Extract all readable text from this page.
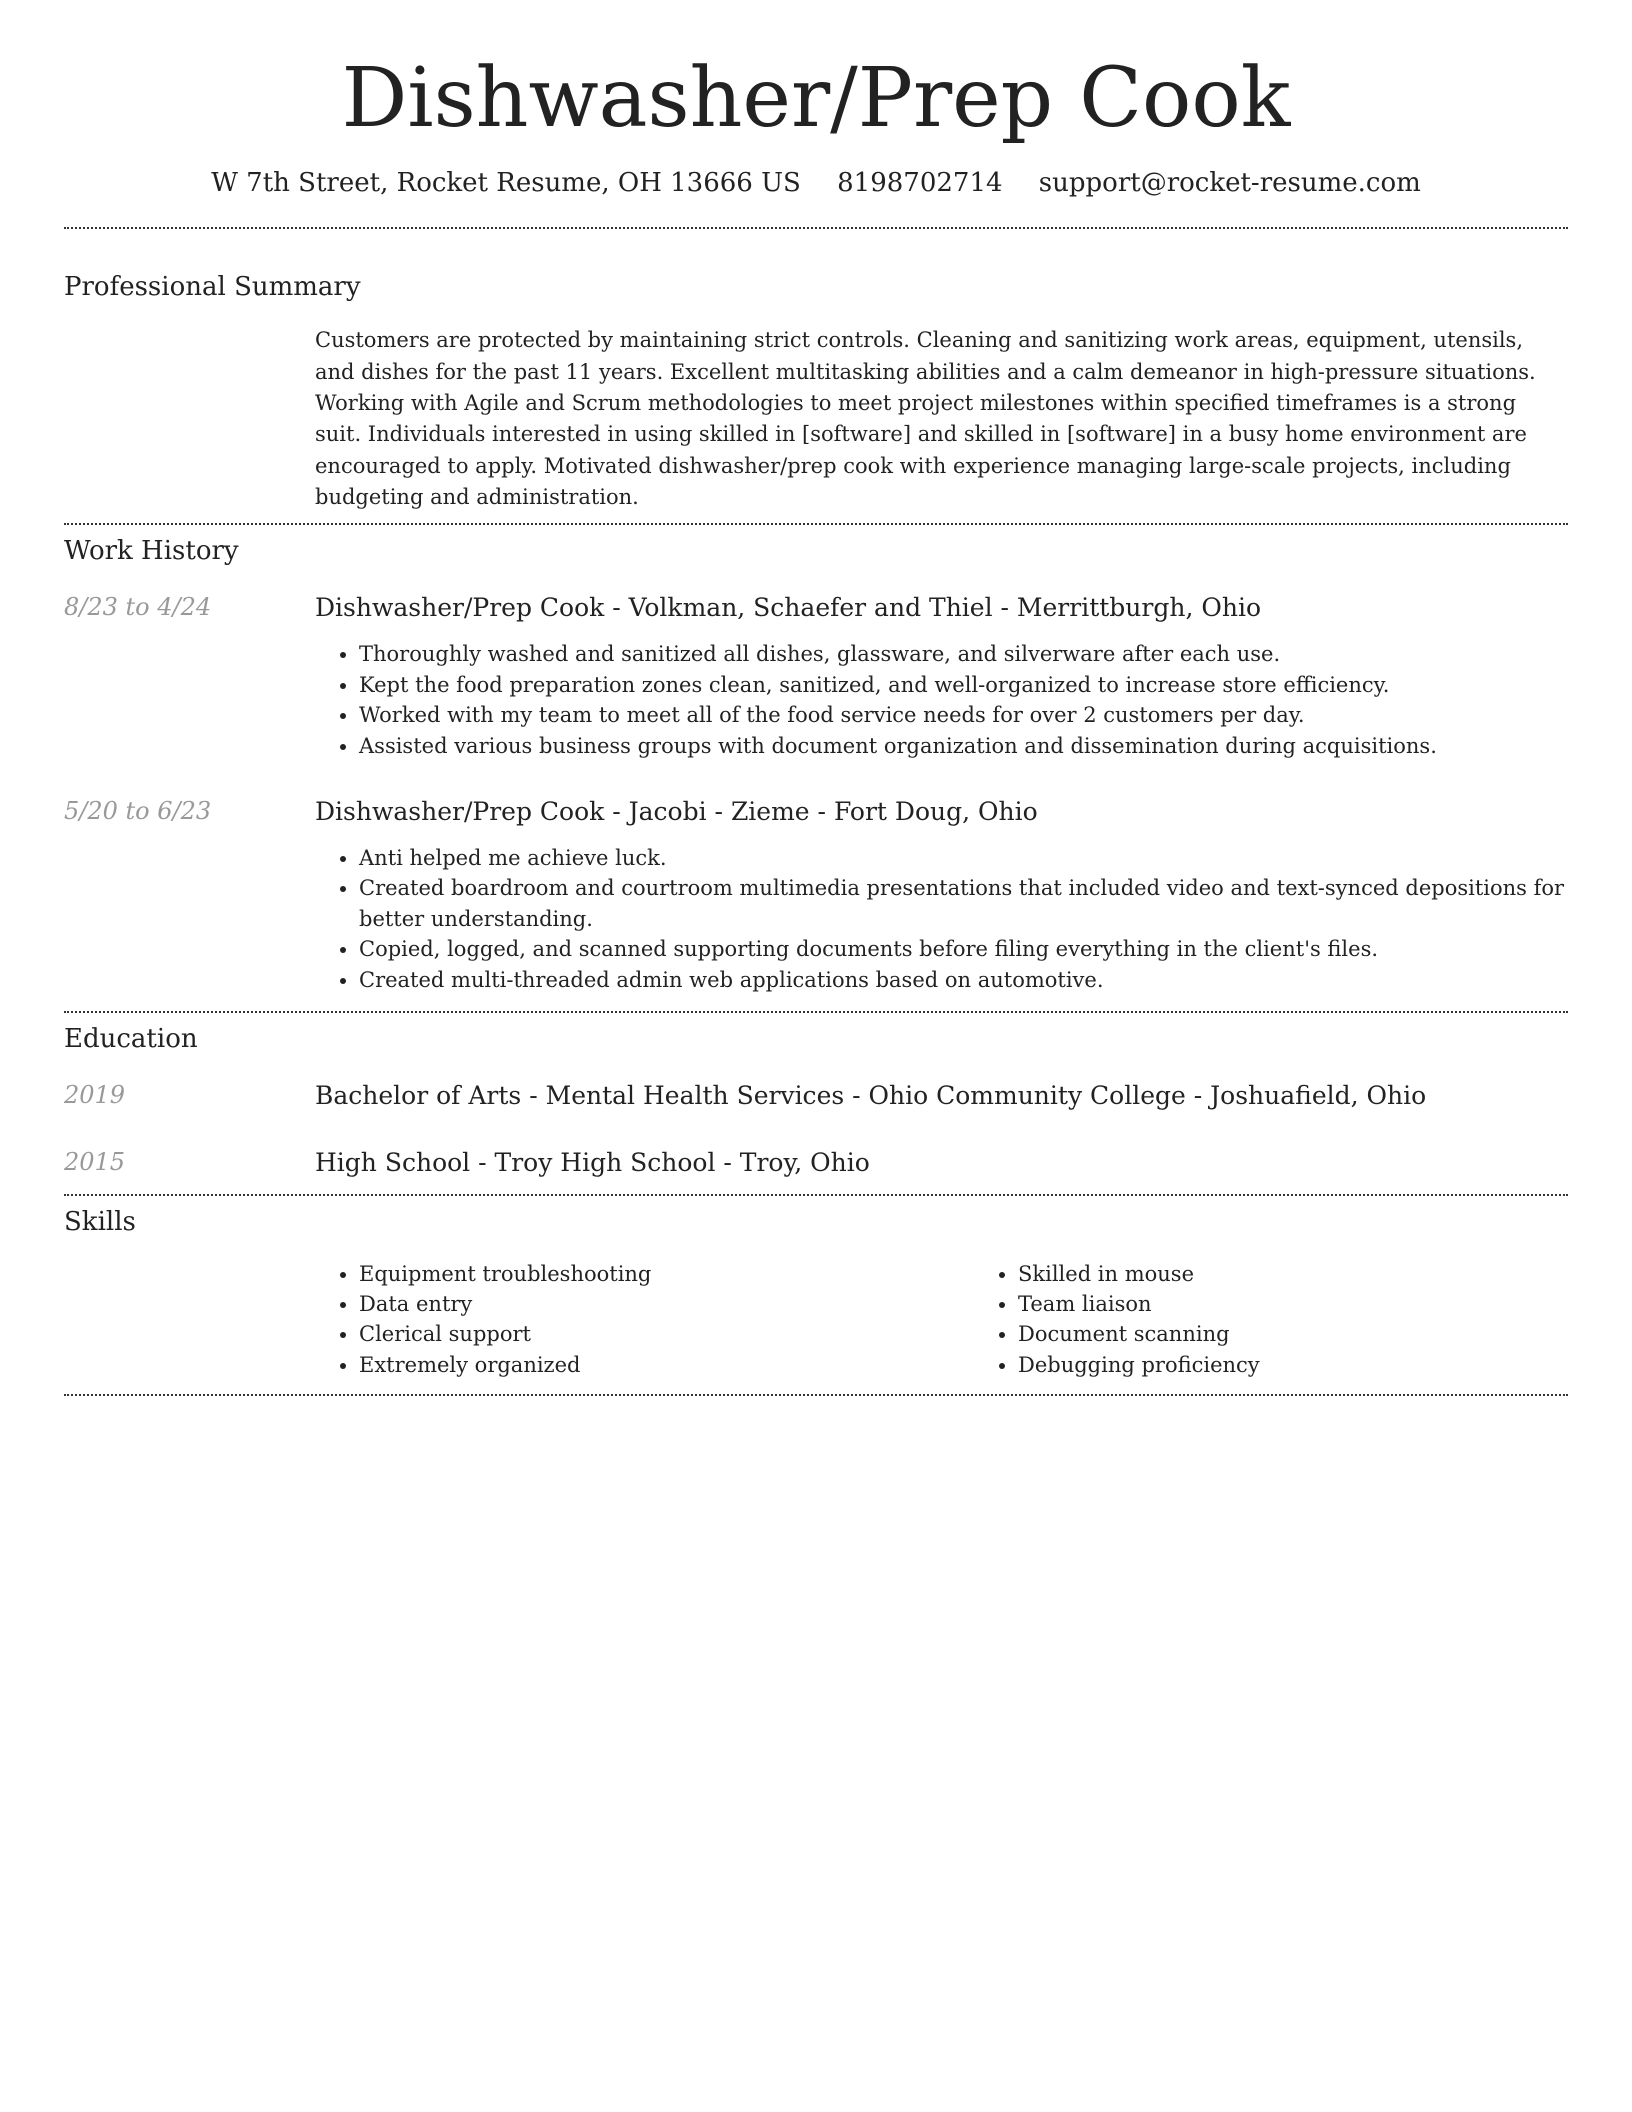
Dishwasher/Prep Cook
W 7th Street, Rocket Resume, OH 13666 US 8198702714 support@rocket-resume.com
Professional Summary

Customers are protected by maintaining strict controls. Cleaning and sanitizing work areas, equipment, utensils, and dishes for the past 11 years. Excellent multitasking abilities and a calm demeanor in high-pressure situations. Working with Agile and Scrum methodologies to meet project milestones within specified timeframes is a strong suit. Individuals interested in using skilled in [software] and skilled in [software] in a busy home environment are encouraged to apply. Motivated dishwasher/prep cook with experience managing large-scale projects, including budgeting and administration.

Work History
8/23 to 4/24	Dishwasher/Prep Cook - Volkman, Schaefer and Thiel - Merrittburgh, Ohio
• Thoroughly washed and sanitized all dishes, glassware, and silverware after each use.
• Kept the food preparation zones clean, sanitized, and well-organized to increase store efficiency.
• Worked with my team to meet all of the food service needs for over 2 customers per day.
• Assisted various business groups with document organization and dissemination during acquisitions.
5/20 to 6/23	Dishwasher/Prep Cook - Jacobi - Zieme - Fort Doug, Ohio
• Anti helped me achieve luck.
• Created boardroom and courtroom multimedia presentations that included video and text-synced depositions for better understanding.
• Copied, logged, and scanned supporting documents before filing everything in the client's files.
• Created multi-threaded admin web applications based on automotive.
Education
2019	Bachelor of Arts - Mental Health Services - Ohio Community College - Joshuafield, Ohio
2015	High School - Troy High School - Troy, Ohio
Skills
• Equipment troubleshooting
• Data entry
• Clerical support
• Extremely organized
• Skilled in mouse
• Team liaison
• Document scanning
• Debugging proficiency
